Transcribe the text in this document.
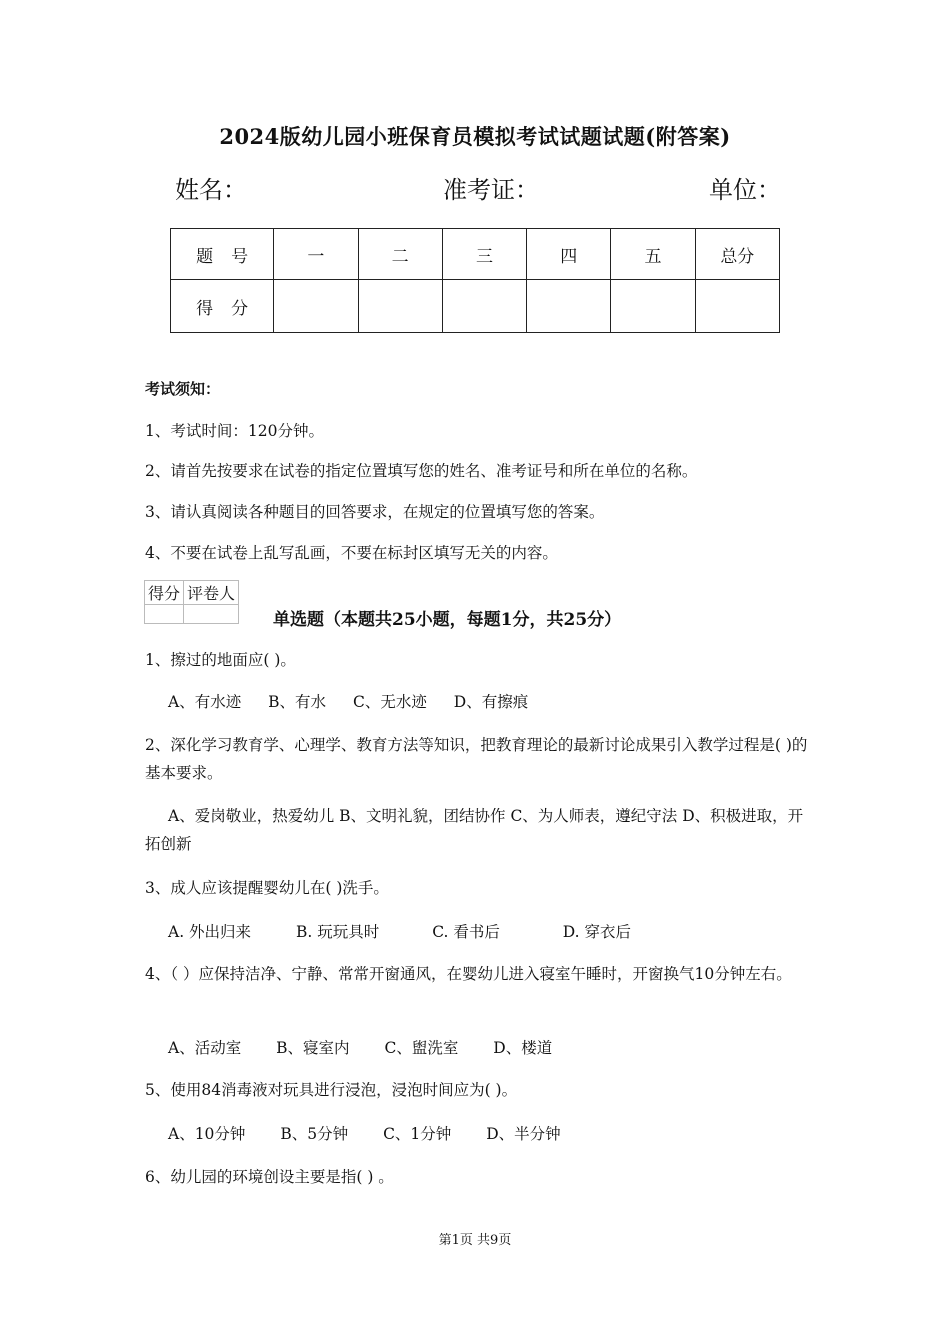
2024版幼儿园小班保育员模拟考试试题试题(附答案)
姓名：	准考证：	单位：
题号	一	二	三	四	五	总分
得分						
考试须知：
1、考试时间：120分钟。
2、请首先按要求在试卷的指定位置填写您的姓名、准考证号和所在单位的名称。
3、请认真阅读各种题目的回答要求，在规定的位置填写您的答案。
4、不要在试卷上乱写乱画，不要在标封区填写无关的内容。
得分	评卷人

单选题（本题共25小题，每题1分，共25分）
1、擦过的地面应( )。
A、有水迹 B、有水 C、无水迹 D、有擦痕
2、深化学习教育学、心理学、教育方法等知识，把教育理论的最新讨论成果引入教学过程是( )的基本要求。
A、爱岗敬业，热爱幼儿 B、文明礼貌，团结协作 C、为人师表，遵纪守法 D、积极进取，开拓创新
3、成人应该提醒婴幼儿在( )洗手。
A. 外出归来	B. 玩玩具时	C. 看书后	D. 穿衣后
4、（ ）应保持洁净、宁静、常常开窗通风，在婴幼儿进入寝室午睡时，开窗换气10分钟左右。
A、活动室 B、寝室内 C、盥洗室 D、楼道
5、使用84消毒液对玩具进行浸泡，浸泡时间应为( )。
A、10分钟 B、5分钟 C、1分钟 D、半分钟
6、幼儿园的环境创设主要是指( ) 。
第1页 共9页
